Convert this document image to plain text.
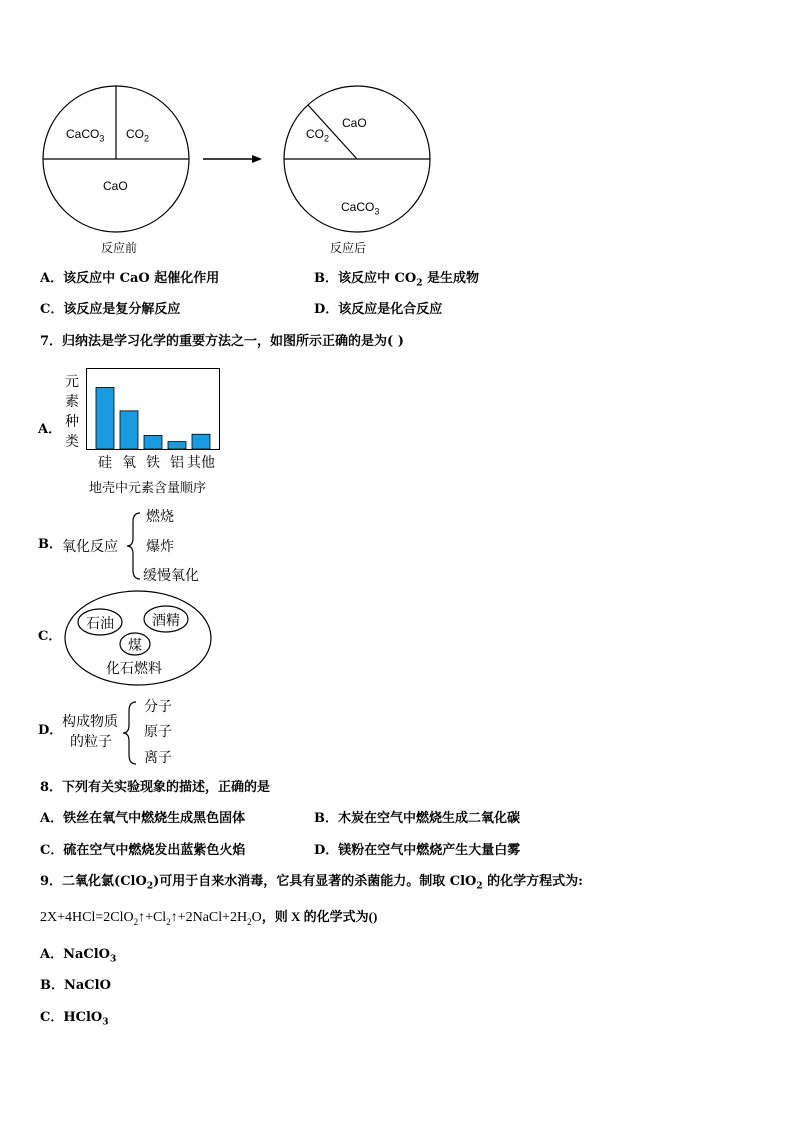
CaCO$_3$ $CO_2$
CaO
反应前
CaO
$CO_2$
CaCO$_3$
反应后
A．该反应中 CaO 起催化作用	B．该反应中 $CO_2$ 是生成物
C．该反应是复分解反应	D．该反应是化合反应
7．归纳法是学习化学的重要方法之一，如图所示正确的是为( )
A．
元
素
种
类
硅 氧 铁 铝 其他
地壳中元素含量顺序
B． 氧化反应
燃烧
爆炸
缓慢氧化
C．
石油	酒精
煤
化石燃料
D．
构成物质
的粒子
分子
原子
离子
8．下列有关实验现象的描述，正确的是
A．铁丝在氧气中燃烧生成黑色固体	B．木炭在空气中燃烧生成二氧化碳
C．硫在空气中燃烧发出蓝紫色火焰	D．镁粉在空气中燃烧产生大量白雾
9．二氧化氯(ClO$_2$)可用于自来水消毒，它具有显著的杀菌能力。制取 ClO$_2$ 的化学方程式为:
$2X+4HCl=2ClO_2↑+Cl_2↑+2NaCl+2H_2O$，则 X 的化学式为()
A．NaClO$_3$
B．NaClO
C．HClO$_3$
